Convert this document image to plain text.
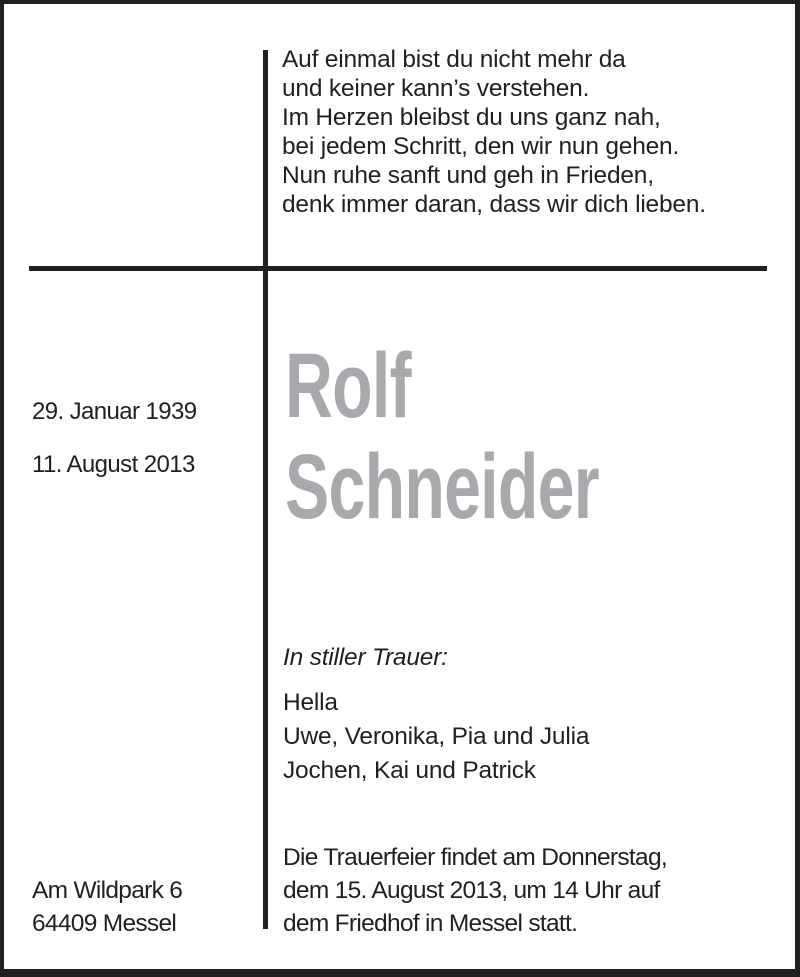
Auf einmal bist du nicht mehr da
und keiner kann’s verstehen.
Im Herzen bleibst du uns ganz nah,
bei jedem Schritt, den wir nun gehen.
Nun ruhe sanft und geh in Frieden,
denk immer daran, dass wir dich lieben.
29. Januar 1939
11. August 2013
Rolf
Schneider
In stiller Trauer:
Hella
Uwe, Veronika, Pia und Julia
Jochen, Kai und Patrick
Die Trauerfeier findet am Donnerstag,
dem 15. August 2013, um 14 Uhr auf
dem Friedhof in Messel statt.
Am Wildpark 6
64409 Messel
